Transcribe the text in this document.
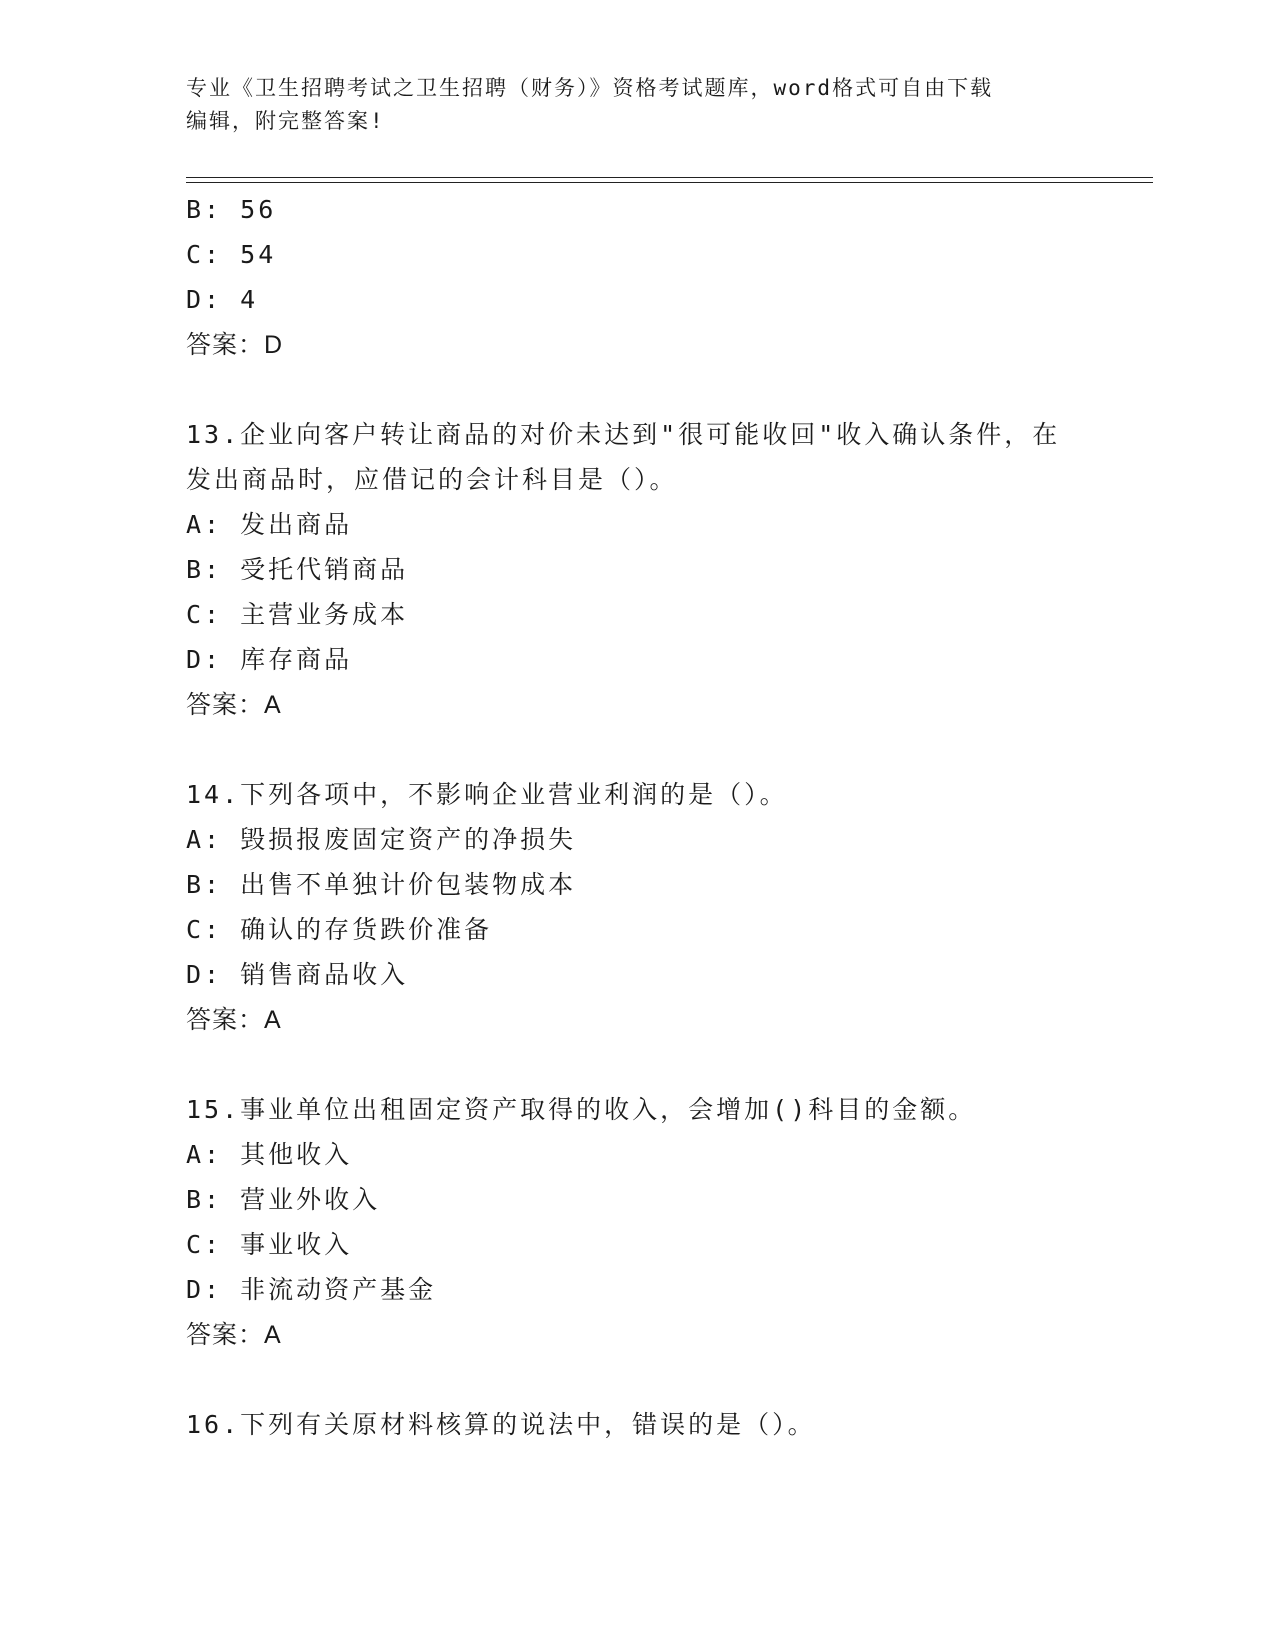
专业《卫生招聘考试之卫生招聘（财务）》资格考试题库，word格式可自由下载
编辑，附完整答案!
B: 56
C: 54
D: 4
答案：D
13.企业向客户转让商品的对价未达到"很可能收回"收入确认条件，在
发出商品时，应借记的会计科目是（）。
A: 发出商品
B: 受托代销商品
C: 主营业务成本
D: 库存商品
答案：A
14.下列各项中，不影响企业营业利润的是（）。
A: 毁损报废固定资产的净损失
B: 出售不单独计价包装物成本
C: 确认的存货跌价准备
D: 销售商品收入
答案：A
15.事业单位出租固定资产取得的收入，会增加()科目的金额。
A: 其他收入
B: 营业外收入
C: 事业收入
D: 非流动资产基金
答案：A
16.下列有关原材料核算的说法中，错误的是（）。
